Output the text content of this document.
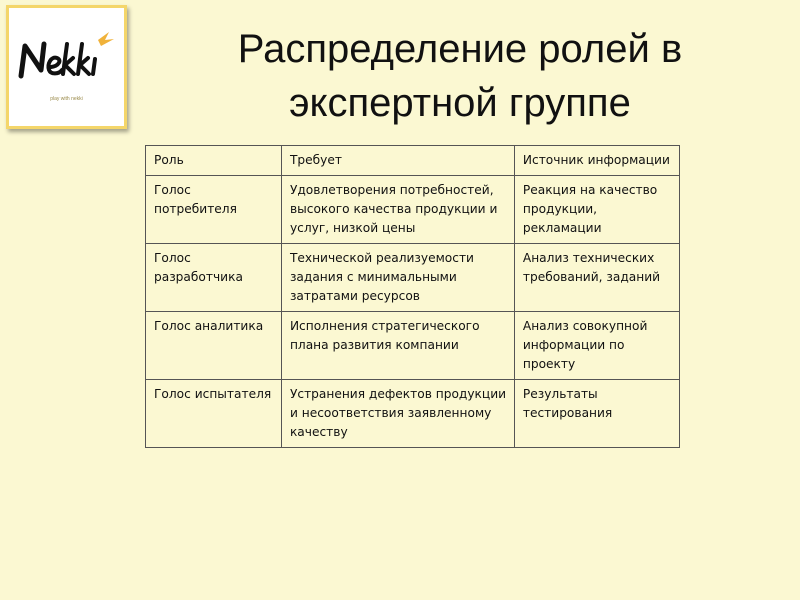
play with nekki
Распределение ролей в экспертной группе
Роль	Требует	Источник информации
Голос потребителя	Удовлетворения потребностей, высокого качества продукции и услуг, низкой цены	Реакция на качество продукции, рекламации
Голос разработчика	Технической реализуемости задания с минимальными затратами ресурсов	Анализ технических требований, заданий
Голос аналитика	Исполнения стратегического плана развития компании	Анализ совокупной информации по проекту
Голос испытателя	Устранения дефектов продукции и несоответствия заявленному качеству	Результаты тестирования
